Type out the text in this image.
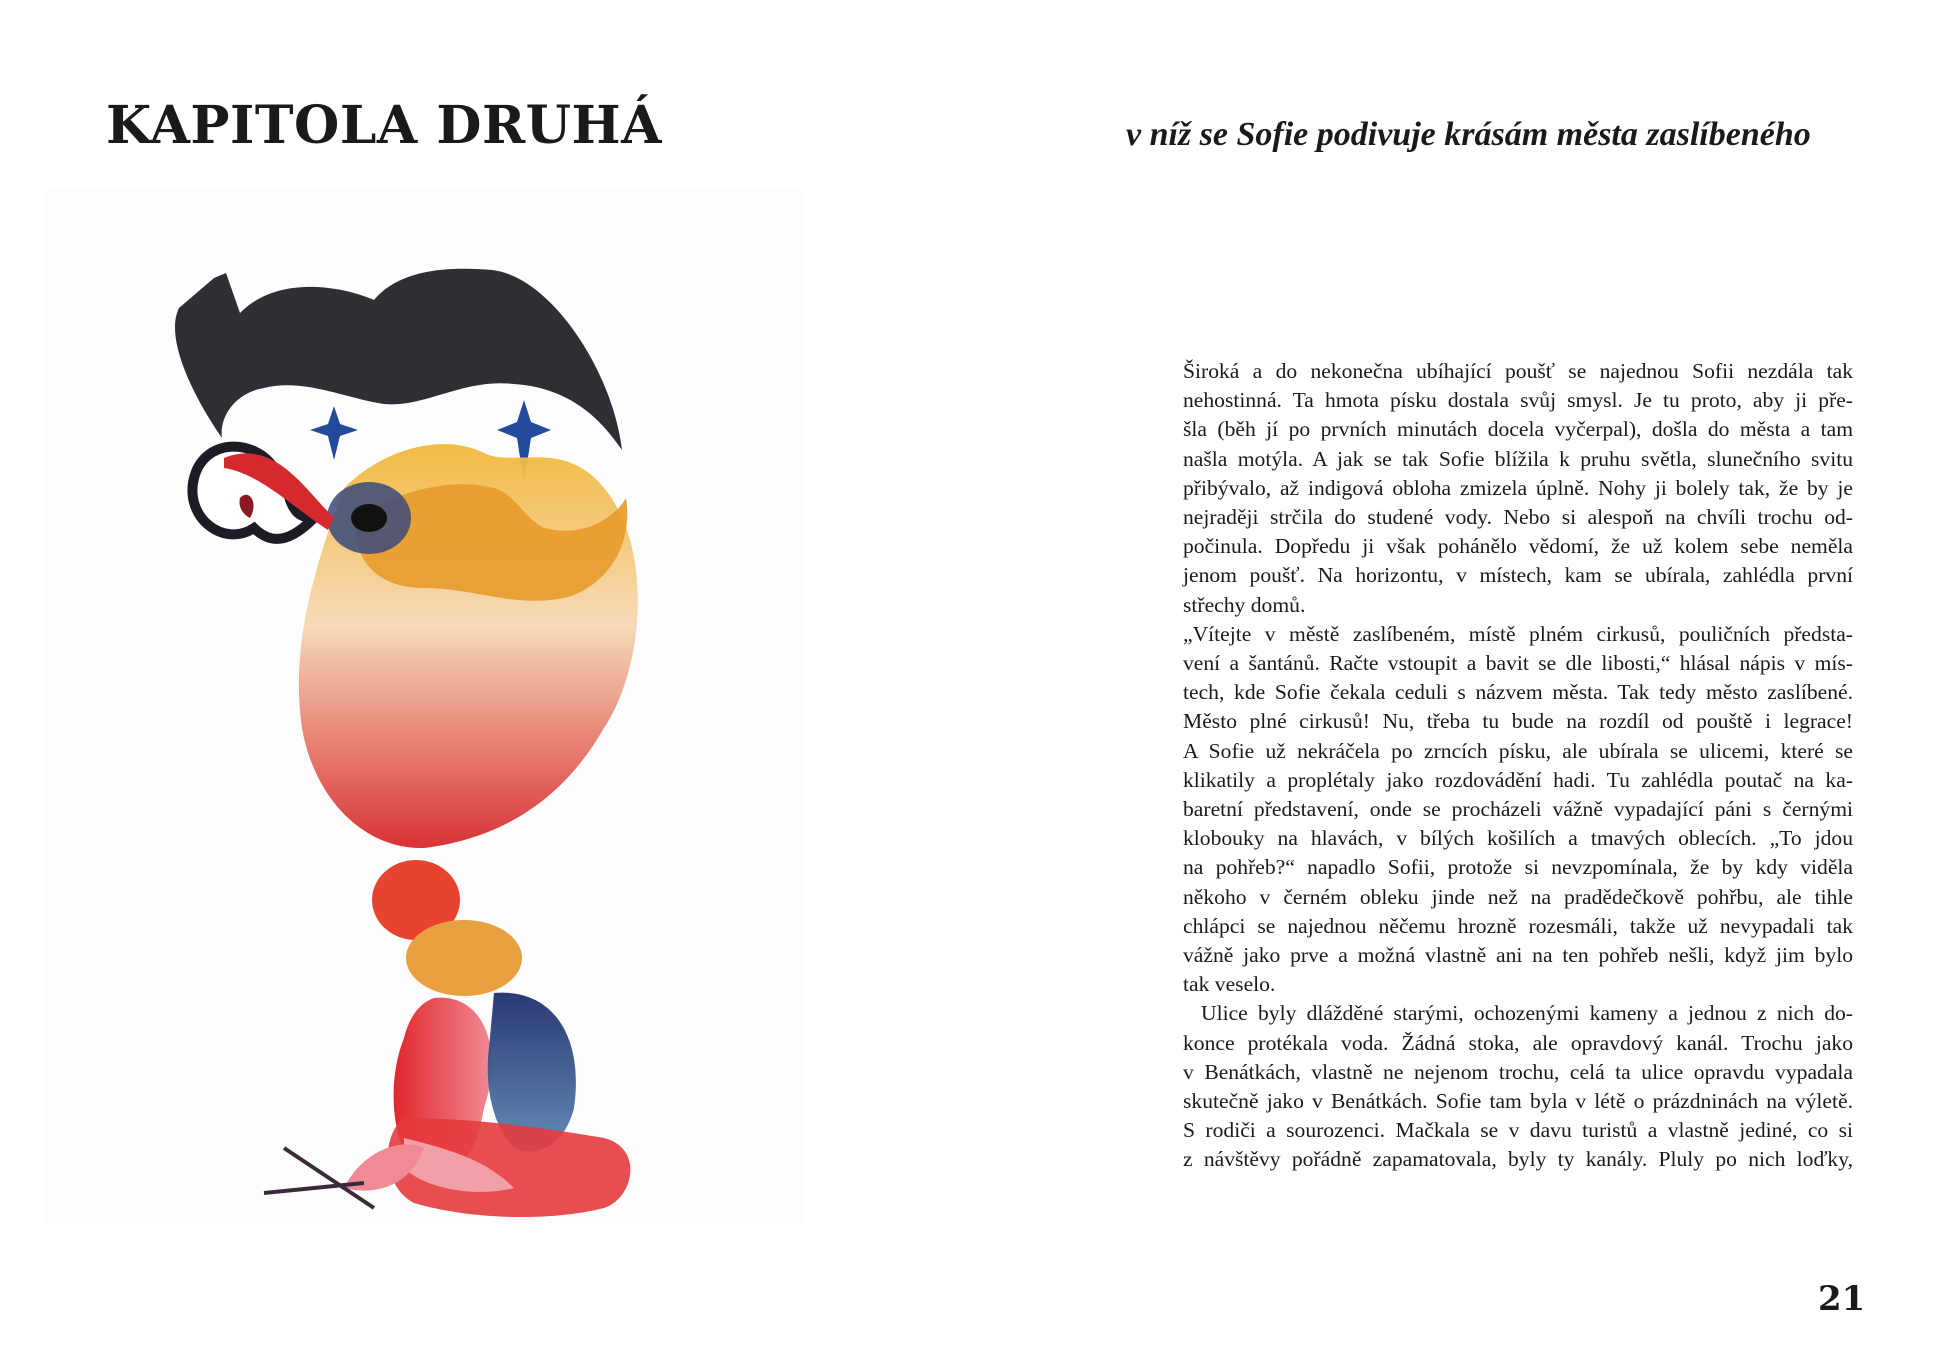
KAPITOLA DRUHÁ	v níž se Sofie podivuje krásám města zaslíbeného
Široká a do nekonečna ubíhající poušť se najednou Sofii nezdála tak
nehostinná. Ta hmota písku dostala svůj smysl. Je tu proto, aby ji pře-
šla (běh jí po prvních minutách docela vyčerpal), došla do města a tam
našla motýla. A jak se tak Sofie blížila k pruhu světla, slunečního svitu
přibývalo, až indigová obloha zmizela úplně. Nohy ji bolely tak, že by je
nejraději strčila do studené vody. Nebo si alespoň na chvíli trochu od-
počinula. Dopředu ji však pohánělo vědomí, že už kolem sebe neměla
jenom poušť. Na horizontu, v místech, kam se ubírala, zahlédla první
střechy domů.
„Vítejte v městě zaslíbeném, místě plném cirkusů, pouličních předsta-
vení a šantánů. Račte vstoupit a bavit se dle libosti,“ hlásal nápis v mís-
tech, kde Sofie čekala ceduli s názvem města. Tak tedy město zaslíbené.
Město plné cirkusů! Nu, třeba tu bude na rozdíl od pouště i legrace!
A Sofie už nekráčela po zrncích písku, ale ubírala se ulicemi, které se
klikatily a proplétaly jako rozdovádění hadi. Tu zahlédla poutač na ka-
baretní představení, onde se procházeli vážně vypadající páni s černými
klobouky na hlavách, v bílých košilích a tmavých oblecích. „To jdou
na pohřeb?“ napadlo Sofii, protože si nevzpomínala, že by kdy viděla
někoho v černém obleku jinde než na pradědečkově pohřbu, ale tihle
chlápci se najednou něčemu hrozně rozesmáli, takže už nevypadali tak
vážně jako prve a možná vlastně ani na ten pohřeb nešli, když jim bylo
tak veselo.
Ulice byly dlážděné starými, ochozenými kameny a jednou z nich do-
konce protékala voda. Žádná stoka, ale opravdový kanál. Trochu jako
v Benátkách, vlastně ne nejenom trochu, celá ta ulice opravdu vypadala
skutečně jako v Benátkách. Sofie tam byla v létě o prázdninách na výletě.
S rodiči a sourozenci. Mačkala se v davu turistů a vlastně jediné, co si
z návštěvy pořádně zapamatovala, byly ty kanály. Pluly po nich loďky,
21
